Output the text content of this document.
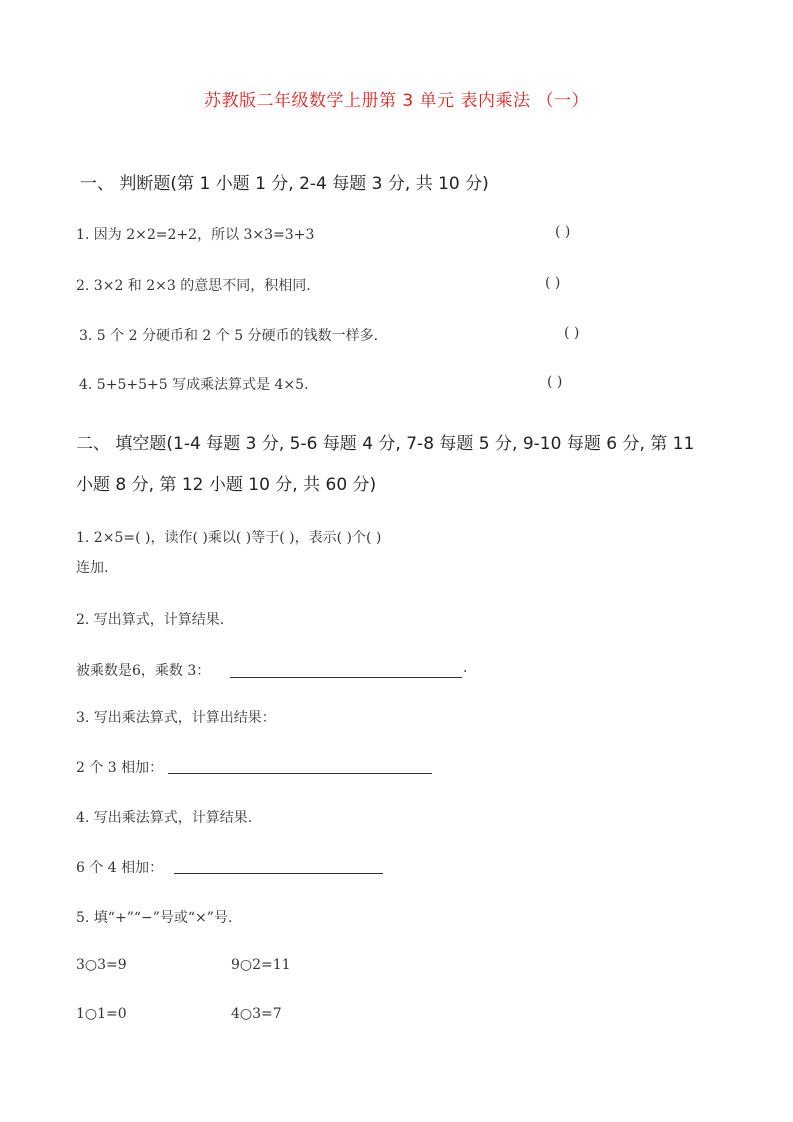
苏教版二年级数学上册第 3 单元 表内乘法 （一）
一、 判断题(第 1 小题 1 分, 2-4 每题 3 分, 共 10 分)
1. 因为 2×2=2+2，所以 3×3=3+3	( )
2. 3×2 和 2×3 的意思不同，积相同.	( )
3. 5 个 2 分硬币和 2 个 5 分硬币的钱数一样多.	( )
4. 5+5+5+5 写成乘法算式是 4×5.	( )
二、 填空题(1-4 每题 3 分, 5-6 每题 4 分, 7-8 每题 5 分, 9-10 每题 6 分, 第 11
小题 8 分, 第 12 小题 10 分, 共 60 分)
1. 2×5=( )，读作( )乘以( )等于( )，表示( )个( )
连加.
2. 写出算式，计算结果.
被乘数是6，乘数 3：	.
3. 写出乘法算式，计算出结果：
2 个 3 相加：
4. 写出乘法算式，计算结果.
6 个 4 相加：
5. 填“+”“−”号或“×”号.
3○3=9	9○2=11
1○1=0	4○3=7
